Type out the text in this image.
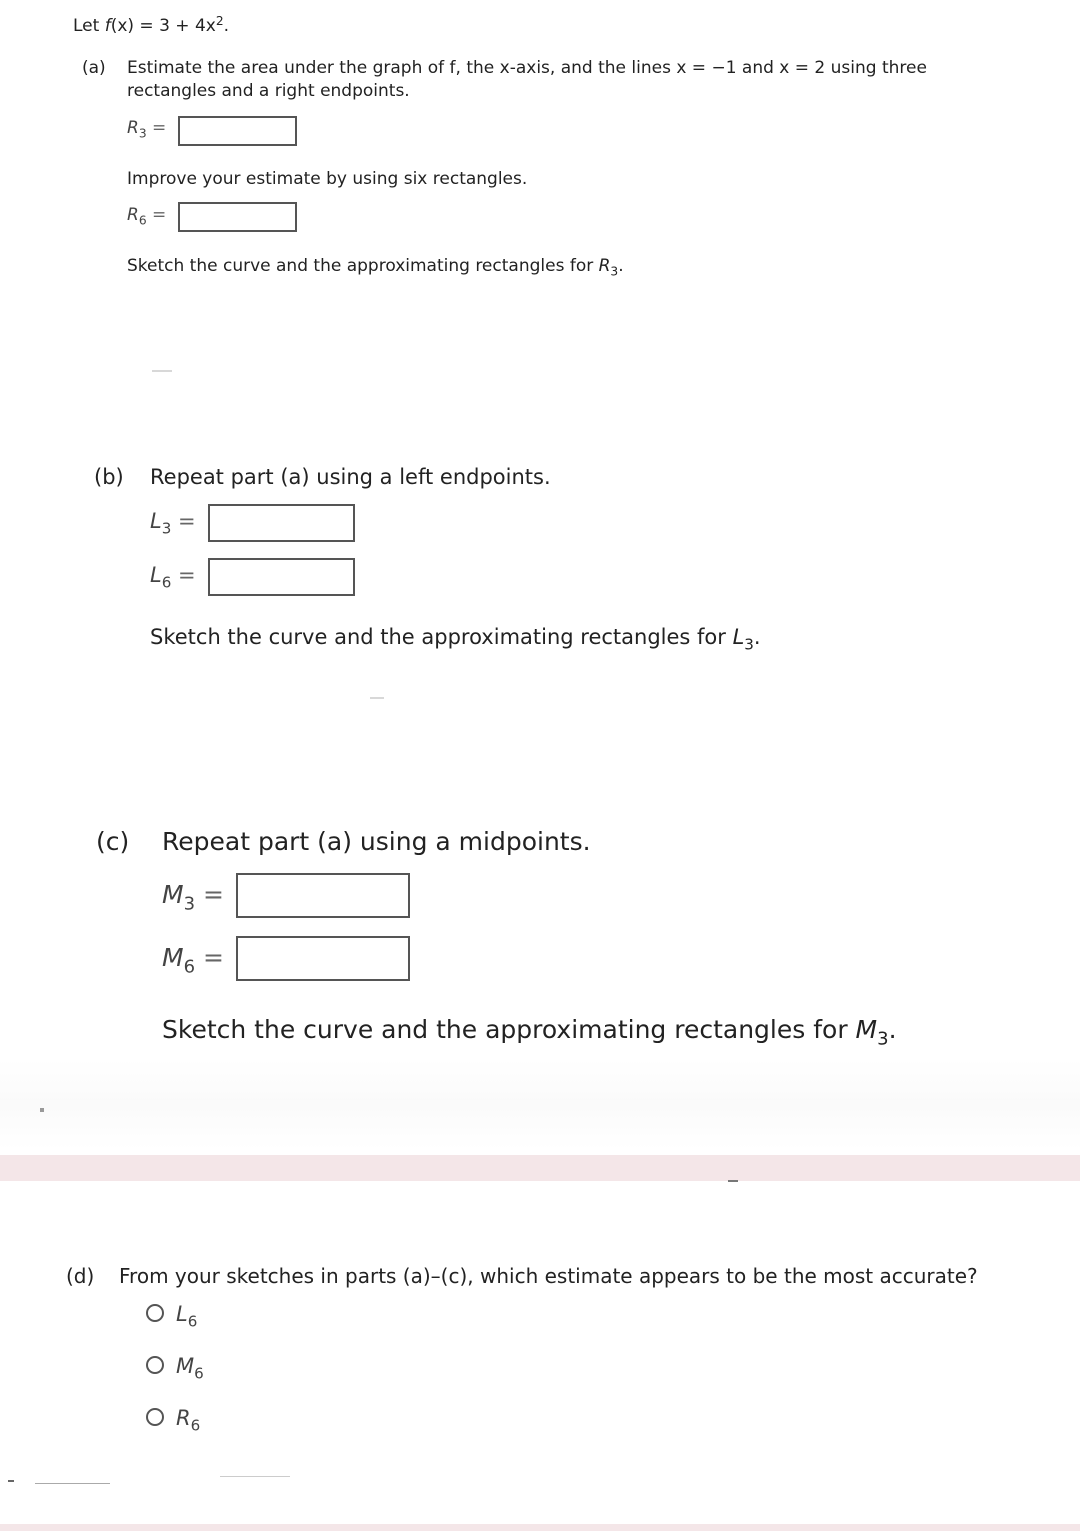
Let $f(x) = 3 + 4x^2$.
(a) Estimate the area under the graph of f, the x-axis, and the lines x = −1 and x = 2 using three
rectangles and a right endpoints.
$R_3$ =
Improve your estimate by using six rectangles.
$R_6$ =
Sketch the curve and the approximating rectangles for $R_3$.
(b) Repeat part (a) using a left endpoints.
$L_3$ =
$L_6$ =
Sketch the curve and the approximating rectangles for $L_3$.
(c) Repeat part (a) using a midpoints.
$M_3$ =
$M_6$ =
Sketch the curve and the approximating rectangles for $M_3$.
(d) From your sketches in parts (a)–(c), which estimate appears to be the most accurate?
$L_6$
$M_6$
$R_6$
